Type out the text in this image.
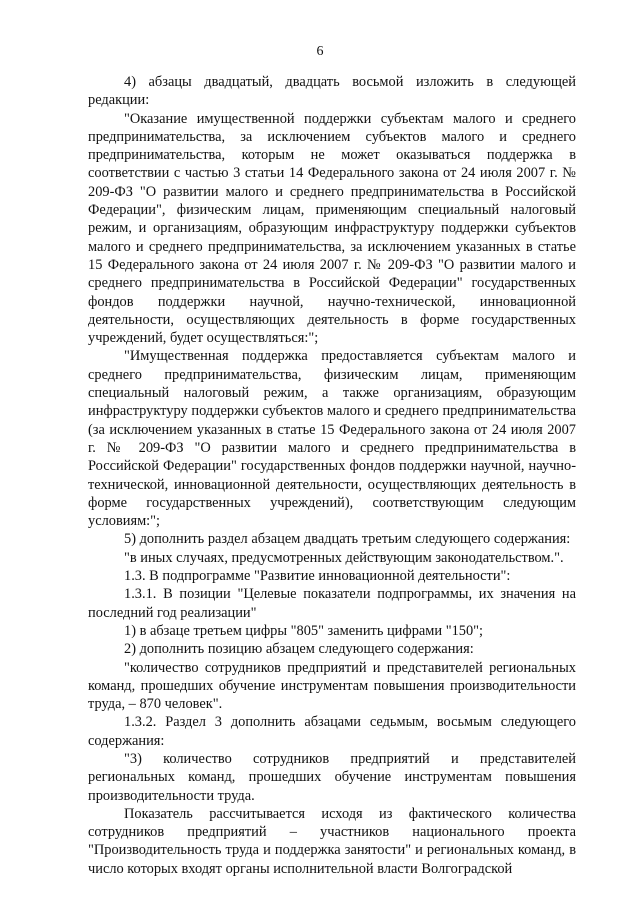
6

4) абзацы двадцатый, двадцать восьмой изложить в следующей редакции:

"Оказание имущественной поддержки субъектам малого и среднего предпринимательства, за исключением субъектов малого и среднего предпринимательства, которым не может оказываться поддержка в соответствии с частью 3 статьи 14 Федерального закона от 24 июля 2007 г. № 209-ФЗ "О развитии малого и среднего предпринимательства в Российской Федерации", физическим лицам, применяющим специальный налоговый режим, и организациям, образующим инфраструктуру поддержки субъектов малого и среднего предпринимательства, за исключением указанных в статье 15 Федерального закона от 24 июля 2007 г. № 209-ФЗ "О развитии малого и среднего предпринимательства в Российской Федерации" государственных фондов поддержки научной, научно-технической, инновационной деятельности, осуществляющих деятельность в форме государственных учреждений, будет осуществляться:";

"Имущественная поддержка предоставляется субъектам малого и среднего предпринимательства, физическим лицам, применяющим специальный налоговый режим, а также организациям, образующим инфраструктуру поддержки субъектов малого и среднего предпринимательства (за исключением указанных в статье 15 Федерального закона от 24 июля 2007 г. № 209-ФЗ "О развитии малого и среднего предпринимательства в Российской Федерации" государственных фондов поддержки научной, научно-технической, инновационной деятельности, осуществляющих деятельность в форме государственных учреждений), соответствующим следующим условиям:";

5) дополнить раздел абзацем двадцать третьим следующего содержания:

"в иных случаях, предусмотренных действующим законодательством.".

1.3. В подпрограмме "Развитие инновационной деятельности":

1.3.1. В позиции "Целевые показатели подпрограммы, их значения на последний год реализации"

1) в абзаце третьем цифры "805" заменить цифрами "150";

2) дополнить позицию абзацем следующего содержания:

"количество сотрудников предприятий и представителей региональных команд, прошедших обучение инструментам повышения производительности труда, – 870 человек".

1.3.2. Раздел 3 дополнить абзацами седьмым, восьмым следующего содержания:

"3) количество сотрудников предприятий и представителей региональных команд, прошедших обучение инструментам повышения производительности труда.

Показатель рассчитывается исходя из фактического количества сотрудников предприятий – участников национального проекта "Производительность труда и поддержка занятости" и региональных команд, в число которых входят органы исполнительной власти Волгоградской
